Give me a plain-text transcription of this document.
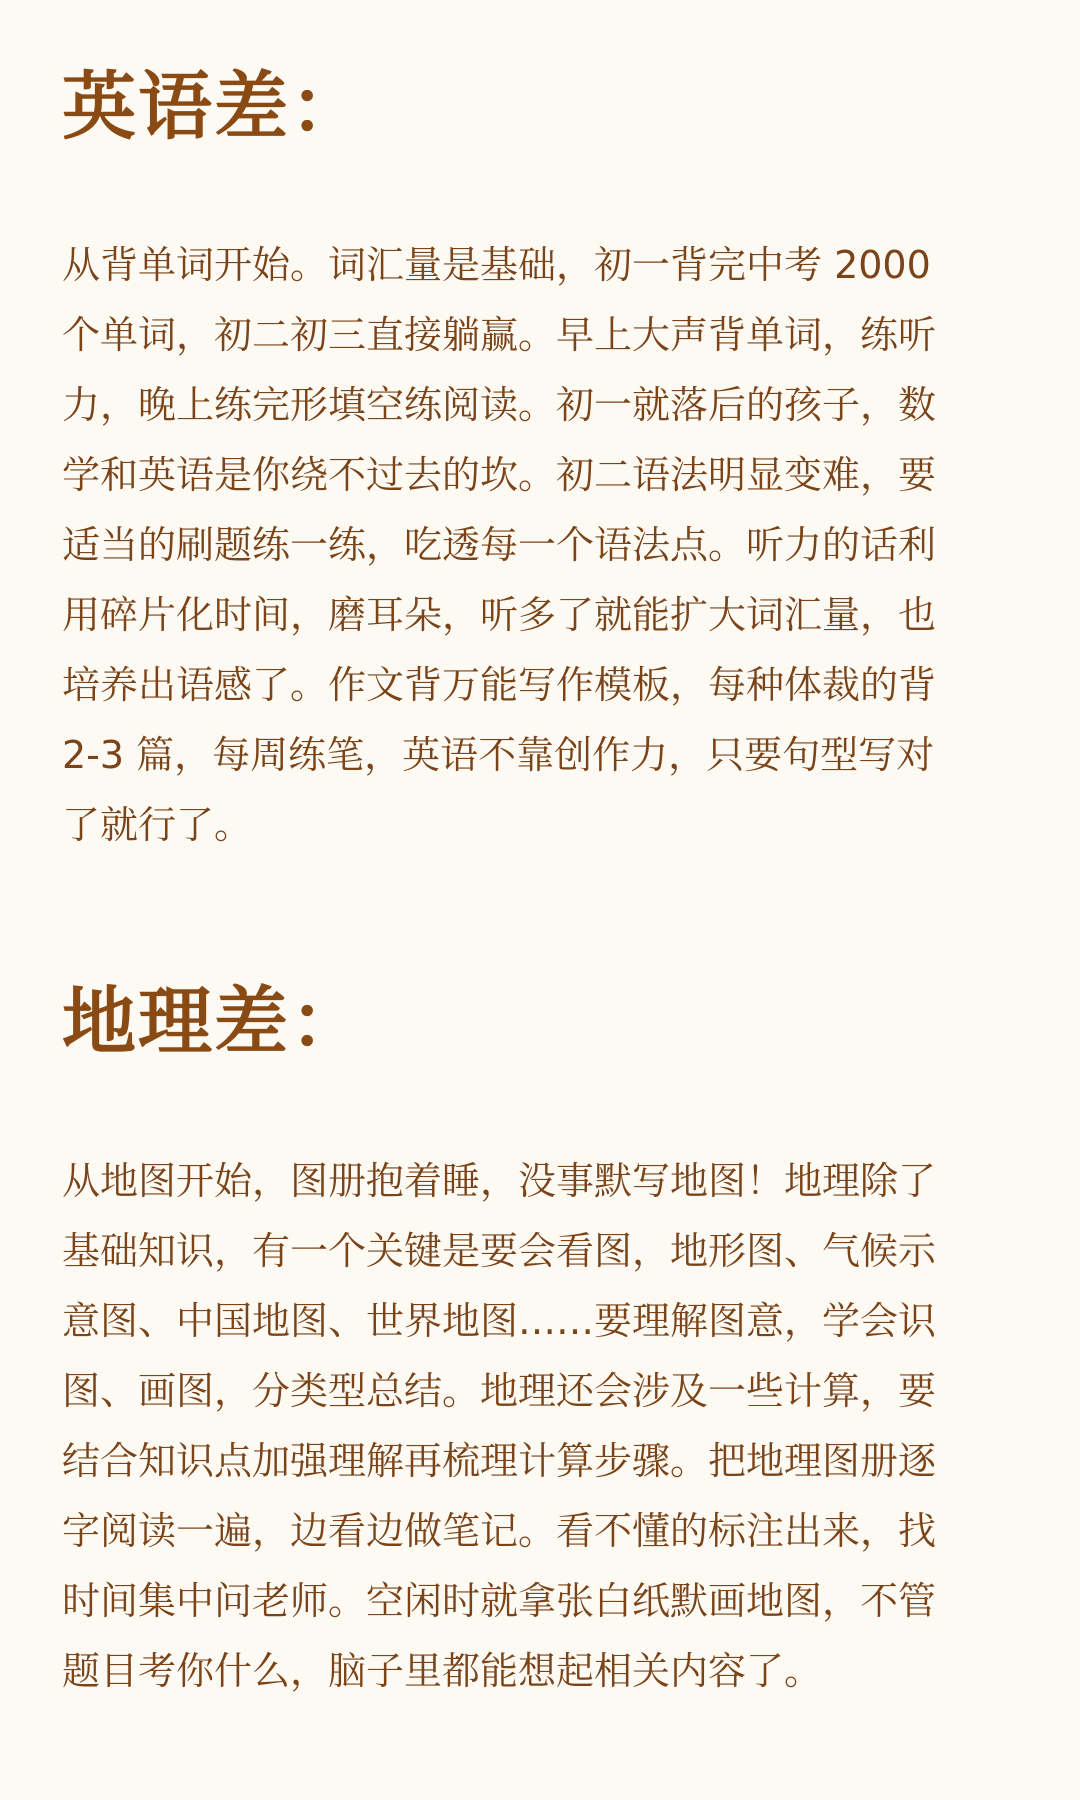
英语差：

从背单词开始。词汇量是基础，初一背完中考 2000
个单词，初二初三直接躺赢。早上大声背单词，练听
力，晚上练完形填空练阅读。初一就落后的孩子，数
学和英语是你绕不过去的坎。初二语法明显变难，要
适当的刷题练一练，吃透每一个语法点。听力的话利
用碎片化时间，磨耳朵，听多了就能扩大词汇量，也
培养出语感了。作文背万能写作模板，每种体裁的背
2-3 篇，每周练笔，英语不靠创作力，只要句型写对
了就行了。

地理差：

从地图开始，图册抱着睡，没事默写地图！地理除了
基础知识，有一个关键是要会看图，地形图、气候示
意图、中国地图、世界地图……要理解图意，学会识
图、画图，分类型总结。地理还会涉及一些计算，要
结合知识点加强理解再梳理计算步骤。把地理图册逐
字阅读一遍，边看边做笔记。看不懂的标注出来，找
时间集中问老师。空闲时就拿张白纸默画地图，不管
题目考你什么，脑子里都能想起相关内容了。
